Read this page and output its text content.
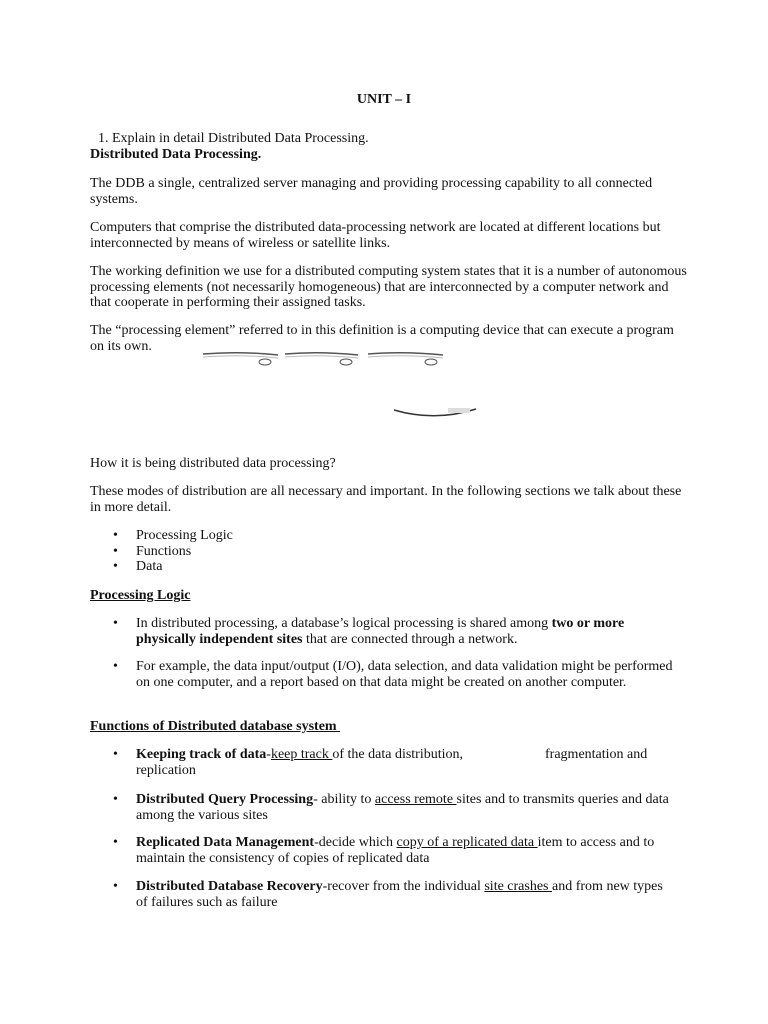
UNIT – I

1. Explain in detail Distributed Data Processing.

Distributed Data Processing.

The DDB a single, centralized server managing and providing processing capability to all connected systems.

Computers that comprise the distributed data-processing network are located at different locations but interconnected by means of wireless or satellite links.

The working definition we use for a distributed computing system states that it is a number of autonomous processing elements (not necessarily homogeneous) that are interconnected by a computer network and that cooperate in performing their assigned tasks.

The “processing element” referred to in this definition is a computing device that can execute a program on its own.

How it is being distributed data processing?

These modes of distribution are all necessary and important. In the following sections we talk about these in more detail.

• Processing Logic
• Functions
• Data

Processing Logic

• In distributed processing, a database’s logical processing is shared among two or more physically independent sites that are connected through a network.
• For example, the data input/output (I/O), data selection, and data validation might be performed on one computer, and a report based on that data might be created on another computer.

Functions of Distributed database system

• Keeping track of data-keep track of the data distribution,	fragmentation and replication
• Distributed Query Processing- ability to access remote sites and to transmits queries and data among the various sites
• Replicated Data Management-decide which copy of a replicated data item to access and to maintain the consistency of copies of replicated data
• Distributed Database Recovery-recover from the individual site crashes and from new types of failures such as failure
